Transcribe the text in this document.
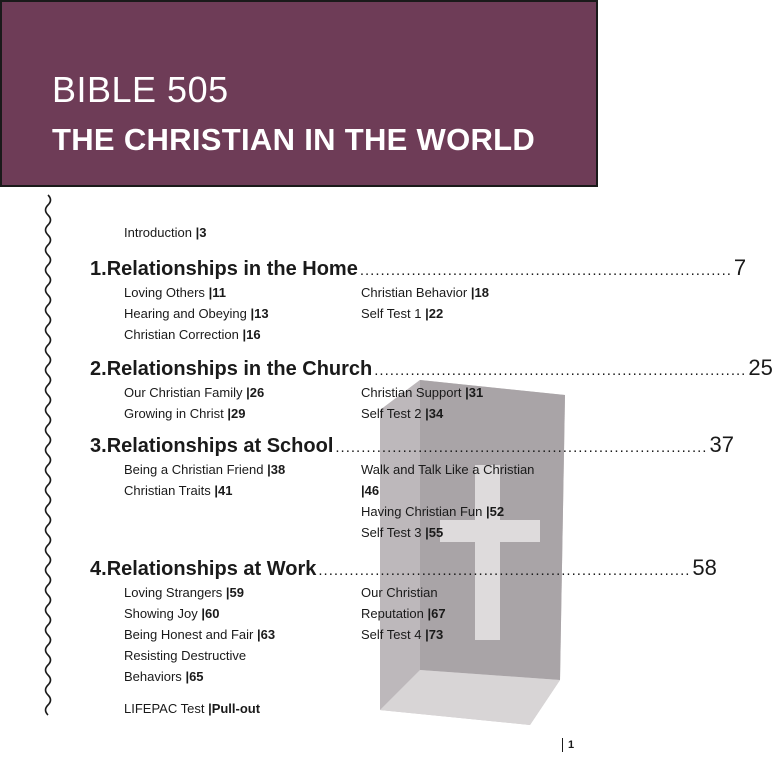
BIBLE 505
THE CHRISTIAN IN THE WORLD
Introduction |3
1. Relationships in the Home ........................................................................ 7
Loving Others |11
Hearing and Obeying |13
Christian Correction |16
Christian Behavior |18
Self Test 1 |22
2. Relationships in the Church ........................................................................ 25
Our Christian Family |26
Growing in Christ |29
Christian Support |31
Self Test 2 |34
3. Relationships at School ........................................................................ 37
Being a Christian Friend |38
Christian Traits |41
Walk and Talk Like a Christian
|46
Having Christian Fun |52
Self Test 3 |55
4. Relationships at Work ........................................................................ 58
Loving Strangers |59
Showing Joy |60
Being Honest and Fair |63
Resisting Destructive
Behaviors |65
Our Christian
Reputation |67
Self Test 4 |73
LIFEPAC Test |Pull-out
1
